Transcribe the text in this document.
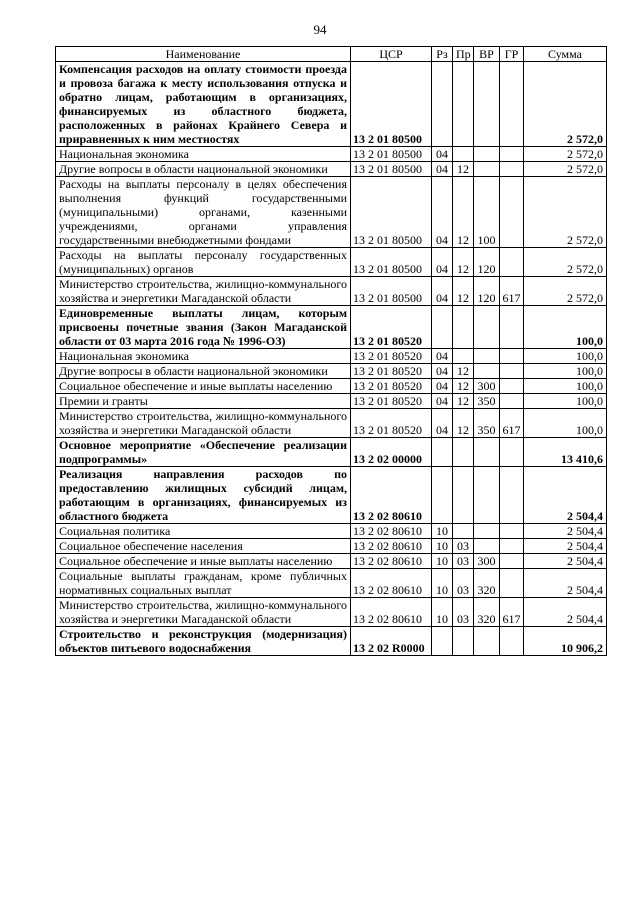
94
Наименование	ЦСР	Рз	Пр	ВР	ГР	Сумма
Компенсация расходов на оплату стоимости проезда и провоза багажа к месту использования отпуска и обратно лицам, работающим в организациях, финансируемых из областного бюджета, расположенных в районах Крайнего Севера и приравненных к ним местностях	13 2 01 80500					2 572,0
Национальная экономика	13 2 01 80500	04				2 572,0
Другие вопросы в области национальной экономики	13 2 01 80500	04	12			2 572,0
Расходы на выплаты персоналу в целях обеспечения выполнения функций государственными (муниципальными) органами, казенными учреждениями, органами управления государственными внебюджетными фондами	13 2 01 80500	04	12	100		2 572,0
Расходы на выплаты персоналу государственных (муниципальных) органов	13 2 01 80500	04	12	120		2 572,0
Министерство строительства, жилищно-коммунального хозяйства и энергетики Магаданской области	13 2 01 80500	04	12	120	617	2 572,0
Единовременные выплаты лицам, которым присвоены почетные звания (Закон Магаданской области от 03 марта 2016 года № 1996-ОЗ)	13 2 01 80520					100,0
Национальная экономика	13 2 01 80520	04				100,0
Другие вопросы в области национальной экономики	13 2 01 80520	04	12			100,0
Социальное обеспечение и иные выплаты населению	13 2 01 80520	04	12	300		100,0
Премии и гранты	13 2 01 80520	04	12	350		100,0
Министерство строительства, жилищно-коммунального хозяйства и энергетики Магаданской области	13 2 01 80520	04	12	350	617	100,0
Основное мероприятие «Обеспечение реализации подпрограммы»	13 2 02 00000					13 410,6
Реализация направления расходов по предоставлению жилищных субсидий лицам, работающим в организациях, финансируемых из областного бюджета	13 2 02 80610					2 504,4
Социальная политика	13 2 02 80610	10				2 504,4
Социальное обеспечение населения	13 2 02 80610	10	03			2 504,4
Социальное обеспечение и иные выплаты населению	13 2 02 80610	10	03	300		2 504,4
Социальные выплаты гражданам, кроме публичных нормативных социальных выплат	13 2 02 80610	10	03	320		2 504,4
Министерство строительства, жилищно-коммунального хозяйства и энергетики Магаданской области	13 2 02 80610	10	03	320	617	2 504,4
Строительство и реконструкция (модернизация) объектов питьевого водоснабжения	13 2 02 R0000					10 906,2
